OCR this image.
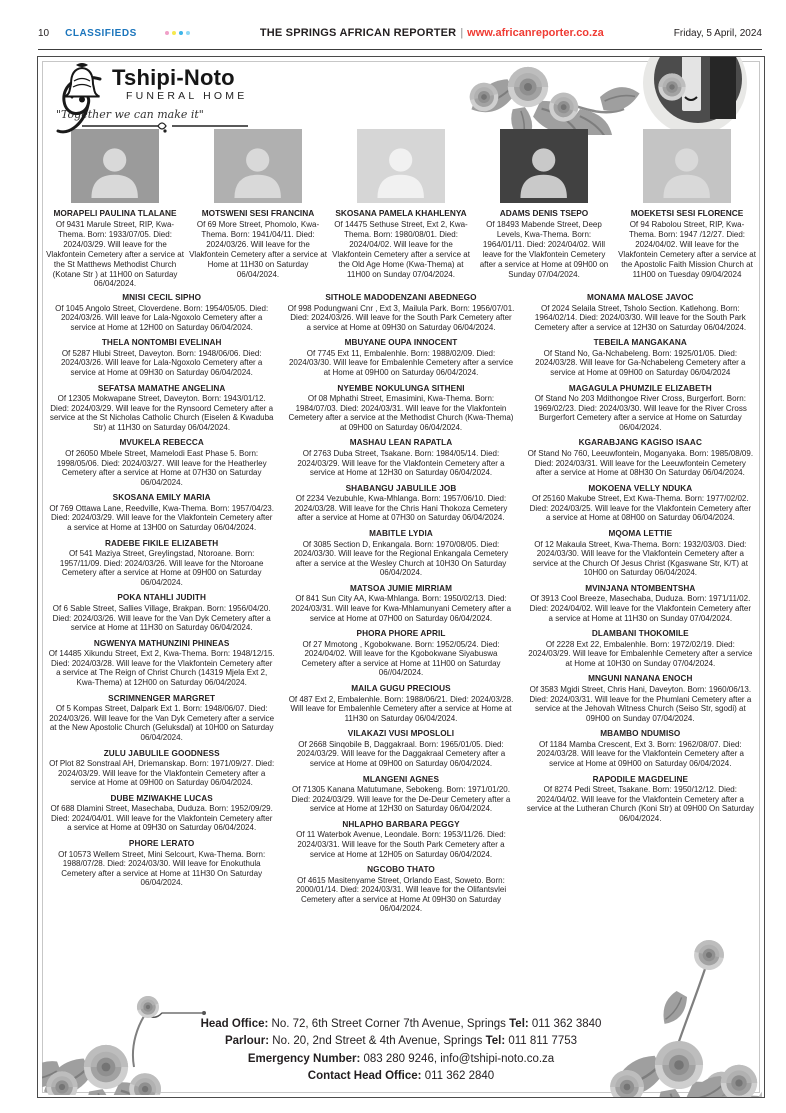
10 CLASSIFIEDS	THE SPRINGS AFRICAN REPORTER | www.africanreporter.co.za	Friday, 5 April, 2024
Tshipi-Noto
FUNERAL HOME
"Together we can make it"
MORAPELI PAULINA TLALANE
Of 9431 Marule Street, RIP, Kwa-Thema. Born: 1933/07/05. Died: 2024/03/29. Will leave for the Vlakfontein Cemetery after a service at the St Matthews Methodist Church (Kotane Str ) at 11H00 on Saturday 06/04/2024.
MOTSWENI SESI FRANCINA
Of 69 More Street, Phomolo, Kwa-Thema. Born: 1941/04/11. Died: 2024/03/26. Will leave for the Vlakfontein Cemetery after a service at Home at 11H30 on Saturday 06/04/2024.
SKOSANA PAMELA KHAHLENYA
Of 14475 Sethuse Street, Ext 2, Kwa-Thema. Born: 1980/08/01. Died: 2024/04/02. Will leave for the Vlakfontein Cemetery after a service at the Old Age Home (Kwa-Thema) at 11H00 on Sunday 07/04/2024.
ADAMS DENIS TSEPO
Of 18493 Mabende Street, Deep Levels, Kwa-Thema. Born: 1964/01/11. Died: 2024/04/02. Will leave for the Vlakfontein Cemetery after a service at Home at 09H00 on Sunday 07/04/2024.
MOEKETSI SESI FLORENCE
Of 94 Rabolou Street, RIP, Kwa-Thema. Born: 1947 /12/27. Died: 2024/04/02. Will leave for the Vlakfontein Cemetery after a service at the Apostolic Faith Mission Church at 11H00 on Tuesday 09/04/2024
MNISI CECIL SIPHO
Of 1045 Angolo Street, Cloverdene. Born: 1954/05/05. Died: 2024/03/26. Will leave for Lala-Ngoxolo Cemetery after a service at Home at 12H00 on Saturday 06/04/2024.
THELA NONTOMBI EVELINAH
Of 5287 Hlubi Street, Daveyton. Born: 1948/06/06. Died: 2024/03/26. Will leave for Lala-Ngoxolo Cemetery after a service at Home at 09H30 on Saturday 06/04/2024.
SEFATSA MAMATHE ANGELINA
Of 12305 Mokwapane Street, Daveyton. Born: 1943/01/12. Died: 2024/03/29. Will leave for the Rynsoord Cemetery after a service at the St Nicholas Catholic Church (Eiselen & Kwaduba Str) at 11H30 on Saturday 06/04/2024.
MVUKELA REBECCA
Of 26050 Mbele Street, Mamelodi East Phase 5. Born: 1998/05/06. Died: 2024/03/27. Will leave for the Heatherley Cemetery after a service at Home at 07H30 on Saturday 06/04/2024.
SKOSANA EMILY MARIA
Of 769 Ottawa Lane, Reedville, Kwa-Thema. Born: 1957/04/23. Died: 2024/03/29. Will leave for the Vlakfontein Cemetery after a service at Home at 13H00 on Saturday 06/04/2024.
RADEBE FIKILE ELIZABETH
Of 541 Maziya Street, Greylingstad, Ntoroane. Born: 1957/11/09. Died: 2024/03/26. Will leave for the Ntoroane Cemetery after a service at Home at 09H00 on Saturday 06/04/2024.
POKA NTAHLI JUDITH
Of 6 Sable Street, Sallies Village, Brakpan. Born: 1956/04/20. Died: 2024/03/26. Will leave for the Van Dyk Cemetery after a service at Home at 11H30 on Saturday 06/04/2024.
NGWENYA MATHUNZINI PHINEAS
Of 14485 Xikundu Street, Ext 2, Kwa-Thema. Born: 1948/12/15. Died: 2024/03/28. Will leave for the Vlakfontein Cemetery after a service at The Reign of Christ Church (14319 Mjela Ext 2, Kwa-Thema) at 12H00 on Saturday 06/04/2024.
SCRIMNENGER MARGRET
Of 5 Kompas Street, Dalpark Ext 1. Born: 1948/06/07. Died: 2024/03/26. Will leave for the Van Dyk Cemetery after a service at the New Apostolic Church (Geluksdal) at 10H00 on Saturday 06/04/2024.
ZULU JABULILE GOODNESS
Of Plot 82 Sonstraal AH, Driemanskap. Born: 1971/09/27. Died: 2024/03/29. Will leave for the Vlakfontein Cemetery after a service at Home at 09H00 on Saturday 06/04/2024.
DUBE MZIWAKHE LUCAS
Of 688 Dlamini Street, Masechaba, Duduza. Born: 1952/09/29. Died: 2024/04/01. Will leave for the Vlakfontein Cemetery after a service at Home at 09H30 on Saturday 06/04/2024.
PHORE LERATO
Of 10573 Wellem Street, Mini Selcourt, Kwa-Thema. Born: 1988/07/28. Died: 2024/03/30. Will leave for Enokuthula Cemetery after a service at Home at 11H30 On Saturday 06/04/2024.
SITHOLE MADODENZANI ABEDNEGO
Of 998 Podungwani Cnr , Ext 3, Mailula Park. Born: 1956/07/01. Died: 2024/03/26. Will leave for the South Park Cemetery after a service at Home at 09H30 on Saturday 06/04/2024.
MBUYANE OUPA INNOCENT
Of 7745 Ext 11, Embalenhle. Born: 1988/02/09. Died: 2024/03/30. Will leave for Embalenhle Cemetery after a service at Home at 09H00 on Saturday 06/04/2024.
NYEMBE NOKULUNGA SITHENI
Of 08 Mphathi Street, Emasimini, Kwa-Thema. Born: 1984/07/03. Died: 2024/03/31. Will leave for the Vlakfontein Cemetery after a service at the Methodist Church (Kwa-Thema) at 09H00 on Saturday 06/04/2024.
MASHAU LEAN RAPATLA
Of 2763 Duba Street, Tsakane. Born: 1984/05/14. Died: 2024/03/29. Will leave for the Vlakfontein Cemetery after a service at Home at 12H30 on Saturday 06/04/2024.
SHABANGU JABULILE JOB
Of 2234 Vezubuhle, Kwa-Mhlanga. Born: 1957/06/10. Died: 2024/03/28. Will leave for the Chris Hani Thokoza Cemetery after a service at Home at 07H30 on Saturday 06/04/2024.
MABITLE LYDIA
Of 3085 Section D, Enkangala. Born: 1970/08/05. Died: 2024/03/30. Will leave for the Regional Enkangala Cemetery after a service at the Wesley Church at 10H30 On Saturday 06/04/2024.
MATSOA JUMIE MIRRIAM
Of 841 Sun City AA, Kwa-Mhlanga. Born: 1950/02/13. Died: 2024/03/31. Will leave for Kwa-Mhlamunyani Cemetery after a service at Home at 07H00 on Saturday 06/04/2024.
PHORA PHORE APRIL
Of 27 Mmotong , Kgobokwane. Born: 1952/05/24. Died: 2024/04/02. Will leave for the Kgobokwane Siyabuswa Cemetery after a service at Home at 11H00 on Saturday 06//04/2024.
MAILA GUGU PRECIOUS
Of 487 Ext 2, Embalenhle. Born: 1988/06/21. Died: 2024/03/28. Will leave for Embalenhle Cemetery after a service at Home at 11H30 on Saturday 06/04/2024.
VILAKAZI VUSI MPOSLOLI
Of 2668 Sinqobile B, Daggakraal. Born: 1965/01/05. Died: 2024/03/29. Will leave for the Daggakraal Cemetery after a service at Home at 09H00 on Saturday 06/04/2024.
MLANGENI AGNES
Of 71305 Kanana Matutumane, Sebokeng. Born: 1971/01/20. Died: 2024/03/29. Will leave for the De-Deur Cemetery after a service at Home at 12H30 on Saturday 06/04/2024.
NHLAPHO BARBARA PEGGY
Of 11 Waterbok Avenue, Leondale. Born: 1953/11/26. Died: 2024/03/31. Will leave for the South Park Cemetery after a service at Home at 12H05 on Saturday 06/04/2024.
NGCOBO THATO
Of 4615 Masitenyame Street, Orlando East, Soweto. Born: 2000/01/14. Died: 2024/03/31. Will leave for the Olifantsvlei Cemetery after a service at Home At 09H30 on Saturday 06/04/2024.
MONAMA MALOSE JAVOC
Of 2024 Selaila Street, Tsholo Section. Katlehong. Born: 1964/02/14. Died: 2024/03/30. Will leave for the South Park Cemetery after a service at 12H30 on Saturday 06/04/2024.
TEBEILA MANGAKANA
Of Stand No, Ga-Nchabeleng. Born: 1925/01/05. Died: 2024/03/28. Will leave for Ga-Nchabeleng Cemetery after a service at Home at 09H00 on Saturday 06/04/2024
MAGAGULA PHUMZILE ELIZABETH
Of Stand No 203 Mdithongoe River Cross, Burgerfort. Born: 1969/02/23. Died: 2024/03/30. Will leave for the River Cross Burgerfort Cemetery after a service at Home on Saturday 06/04/2024.
KGARABJANG KAGISO ISAAC
Of Stand No 760, Leeuwfontein, Moganyaka. Born: 1985/08/09. Died: 2024/03/31. Will leave for the Leeuwfontein Cemetery after a service at Home at 08H30 On Saturday 06/04/2024.
MOKOENA VELLY NDUKA
Of 25160 Makube Street, Ext Kwa-Thema. Born: 1977/02/02. Died: 2024/03/25. Will leave for the Vlakfontein Cemetery after a service at Home at 08H00 on Saturday 06/04/2024.
MQOMA LETTIE
Of 12 Makaula Street, Kwa-Thema. Born: 1932/03/03. Died: 2024/03/30. Will leave for the Vlakfontein Cemetery after a service at the Church Of Jesus Christ (Kgaswane Str, K/T) at 10H00 on Saturday 06/04/2024.
MVINJANA NTOMBENTSHA
Of 3913 Cool Breeze, Masechaba, Duduza. Born: 1971/11/02. Died: 2024/04/02. Will leave for the Vlakfontein Cemetery after a service at Home at 11H30 on Sunday 07/04/2024.
DLAMBANI THOKOMILE
Of 2228 Ext 22, Embalenhle. Born: 1972/02/19. Died: 2024/03/29. Will leave for Embalenhle Cemetery after a service at Home at 10H30 on Sunday 07/04/2024.
MNGUNI NANANA ENOCH
Of 3583 Mgidi Street, Chris Hani, Daveyton. Born: 1960/06/13. Died: 2024/03/31. Will leave for the Phumlani Cemetery after a service at the Jehovah Witness Church (Seiso Str, sgodi) at 09H00 on Sunday 07/04/2024.
MBAMBO NDUMISO
Of 1184 Mamba Crescent, Ext 3. Born: 1962/08/07. Died: 2024/03/28. Will leave for the Vlakfontein Cemetery after a service at Home at 09H00 on Saturday 06/04/2024.
RAPODILE MAGDELINE
Of 8274 Pedi Street, Tsakane. Born: 1950/12/12. Died: 2024/04/02. Will leave for the Vlakfontein Cemetery after a service at the Lutheran Church (Koni Str) at 09H00 On Saturday 06/04/2024.
Head Office: No. 72, 6th Street Corner 7th Avenue, Springs Tel: 011 362 3840
Parlour: No. 20, 2nd Street & 4th Avenue, Springs Tel: 011 811 7753
Emergency Number: 083 280 9246, info@tshipi-noto.co.za
Contact Head Office: 011 362 2840
